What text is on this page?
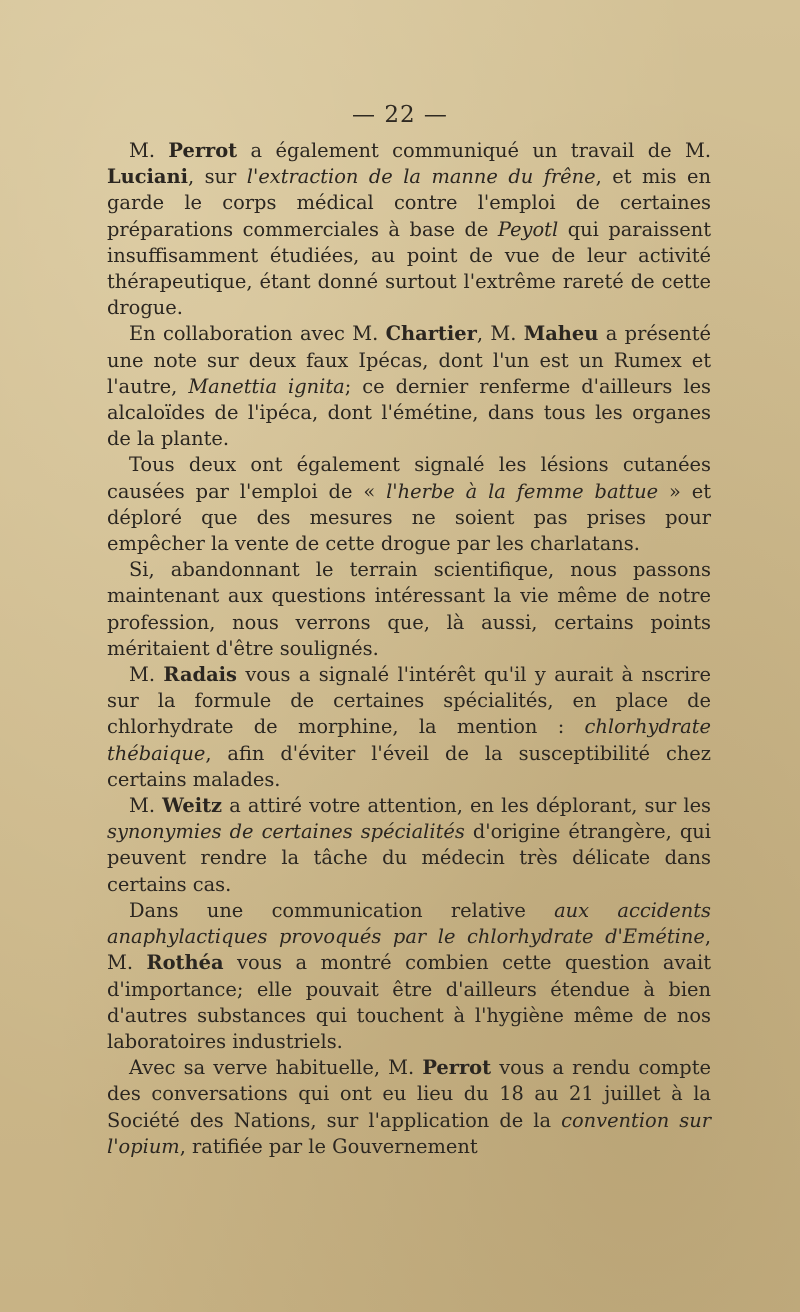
— 22 —

M. Perrot a également communiqué un travail de M. Luciani, sur l'extraction de la manne du frêne, et mis en garde le corps médical contre l'emploi de certaines préparations commerciales à base de Peyotl qui paraissent insuffisamment étudiées, au point de vue de leur activité thérapeutique, étant donné surtout l'extrême rareté de cette drogue.

En collaboration avec M. Chartier, M. Maheu a présenté une note sur deux faux Ipécas, dont l'un est un Rumex et l'autre, Manettia ignita; ce dernier renferme d'ailleurs les alcaloïdes de l'ipéca, dont l'émétine, dans tous les organes de la plante.

Tous deux ont également signalé les lésions cutanées causées par l'emploi de « l'herbe à la femme battue » et déploré que des mesures ne soient pas prises pour empêcher la vente de cette drogue par les charlatans.

Si, abandonnant le terrain scientifique, nous passons maintenant aux questions intéressant la vie même de notre profession, nous verrons que, là aussi, certains points méritaient d'être soulignés.

M. Radais vous a signalé l'intérêt qu'il y aurait à nscrire sur la formule de certaines spécialités, en place de chlorhydrate de morphine, la mention : chlorhydrate thébaique, afin d'éviter l'éveil de la susceptibilité chez certains malades.

M. Weitz a attiré votre attention, en les déplorant, sur les synonymies de certaines spécialités d'origine étrangère, qui peuvent rendre la tâche du médecin très délicate dans certains cas.

Dans une communication relative aux accidents anaphylactiques provoqués par le chlorhydrate d'Emétine, M. Rothéa vous a montré combien cette question avait d'importance; elle pouvait être d'ailleurs étendue à bien d'autres substances qui touchent à l'hygiène même de nos laboratoires industriels.

Avec sa verve habituelle, M. Perrot vous a rendu compte des conversations qui ont eu lieu du 18 au 21 juillet à la Société des Nations, sur l'application de la convention sur l'opium, ratifiée par le Gouvernement
